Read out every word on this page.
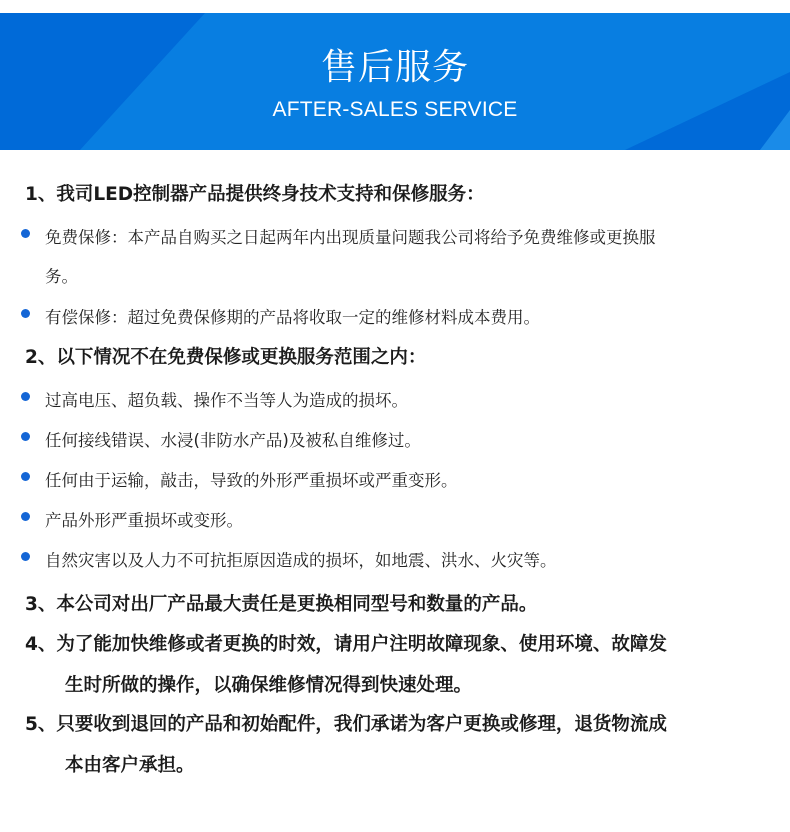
售后服务
AFTER-SALES SERVICE
1、我司LED控制器产品提供终身技术支持和保修服务：
免费保修：本产品自购买之日起两年内出现质量问题我公司将给予免费维修或更换服
务。
有偿保修：超过免费保修期的产品将收取一定的维修材料成本费用。
2、以下情况不在免费保修或更换服务范围之内：
过高电压、超负载、操作不当等人为造成的损坏。
任何接线错误、水浸(非防水产品)及被私自维修过。
任何由于运输，敲击，导致的外形严重损坏或严重变形。
产品外形严重损坏或变形。
自然灾害以及人力不可抗拒原因造成的损坏，如地震、洪水、火灾等。
3、本公司对出厂产品最大责任是更换相同型号和数量的产品。
4、为了能加快维修或者更换的时效，请用户注明故障现象、使用环境、故障发
生时所做的操作，以确保维修情况得到快速处理。
5、只要收到退回的产品和初始配件，我们承诺为客户更换或修理，退货物流成
本由客户承担。
